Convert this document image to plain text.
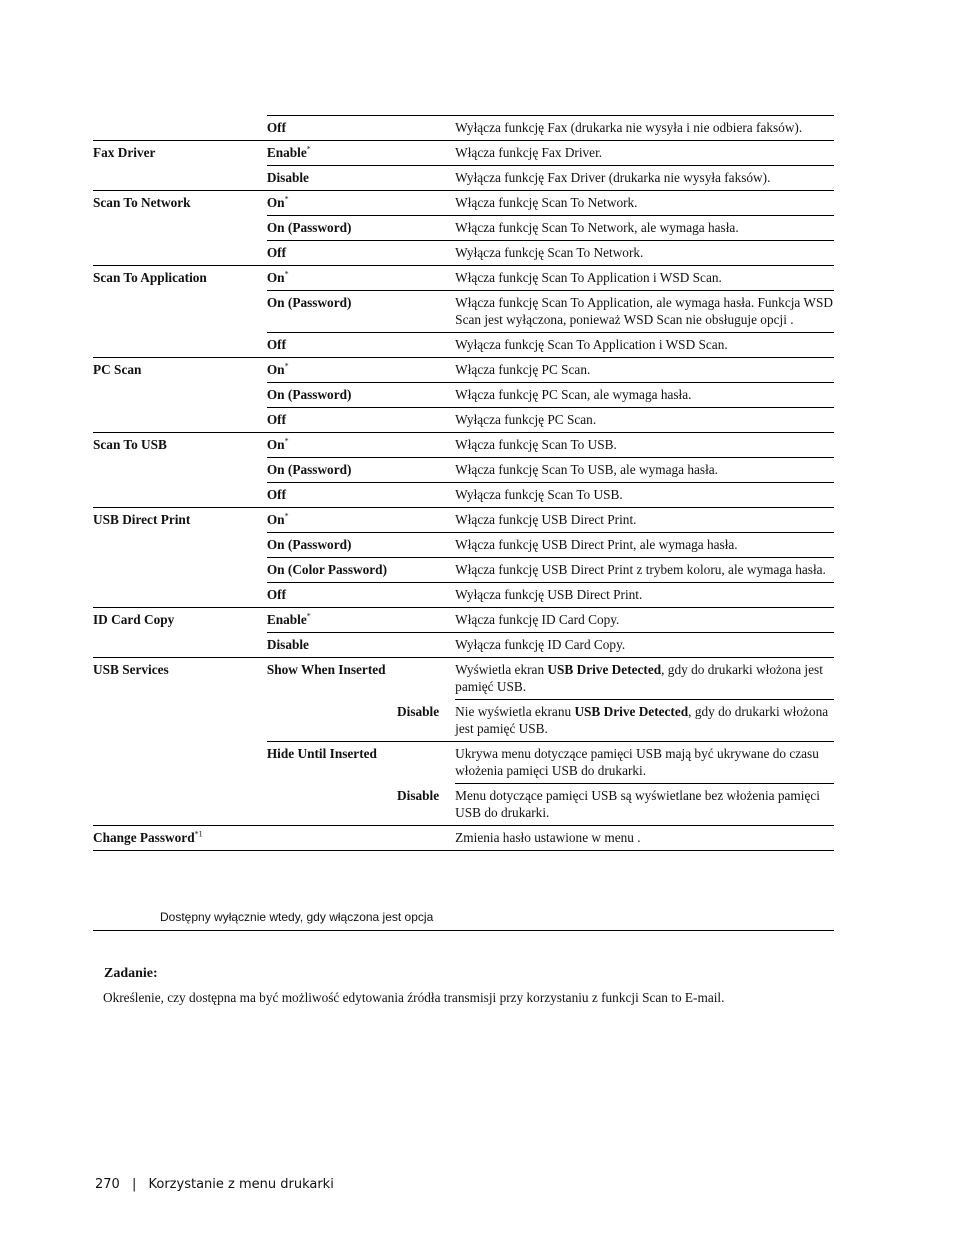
	Off	Wyłącza funkcję Fax (drukarka nie wysyła i nie odbiera faksów).
Fax Driver	Enable*	Włącza funkcję Fax Driver.
	Disable	Wyłącza funkcję Fax Driver (drukarka nie wysyła faksów).
Scan To Network	On*	Włącza funkcję Scan To Network.
	On (Password)	Włącza funkcję Scan To Network, ale wymaga hasła.
	Off	Wyłącza funkcję Scan To Network.
Scan To Application	On*	Włącza funkcję Scan To Application i WSD Scan.
	On (Password)	Włącza funkcję Scan To Application, ale wymaga hasła. Funkcja WSD Scan jest wyłączona, ponieważ WSD Scan nie obsługuje opcji .
	Off	Wyłącza funkcję Scan To Application i WSD Scan.
PC Scan	On*	Włącza funkcję PC Scan.
	On (Password)	Włącza funkcję PC Scan, ale wymaga hasła.
	Off	Wyłącza funkcję PC Scan.
Scan To USB	On*	Włącza funkcję Scan To USB.
	On (Password)	Włącza funkcję Scan To USB, ale wymaga hasła.
	Off	Wyłącza funkcję Scan To USB.
USB Direct Print	On*	Włącza funkcję USB Direct Print.
	On (Password)	Włącza funkcję USB Direct Print, ale wymaga hasła.
	On (Color Password)	Włącza funkcję USB Direct Print z trybem koloru, ale wymaga hasła.
	Off	Wyłącza funkcję USB Direct Print.
ID Card Copy	Enable*	Włącza funkcję ID Card Copy.
	Disable	Wyłącza funkcję ID Card Copy.
USB Services	Show When Inserted	Wyświetla ekran USB Drive Detected, gdy do drukarki włożona jest pamięć USB.
	Disable	Nie wyświetla ekranu USB Drive Detected, gdy do drukarki włożona jest pamięć USB.
	Hide Until Inserted	Ukrywa menu dotyczące pamięci USB mają być ukrywane do czasu włożenia pamięci USB do drukarki.
	Disable	Menu dotyczące pamięci USB są wyświetlane bez włożenia pamięci USB do drukarki.
Change Password$^{*1}$		Zmienia hasło ustawione w menu .
Dostępny wyłącznie wtedy, gdy włączona jest opcja
Zadanie:
Określenie, czy dostępna ma być możliwość edytowania źródła transmisji przy korzystaniu z funkcji Scan to E-mail.
270 | Korzystanie z menu drukarki
